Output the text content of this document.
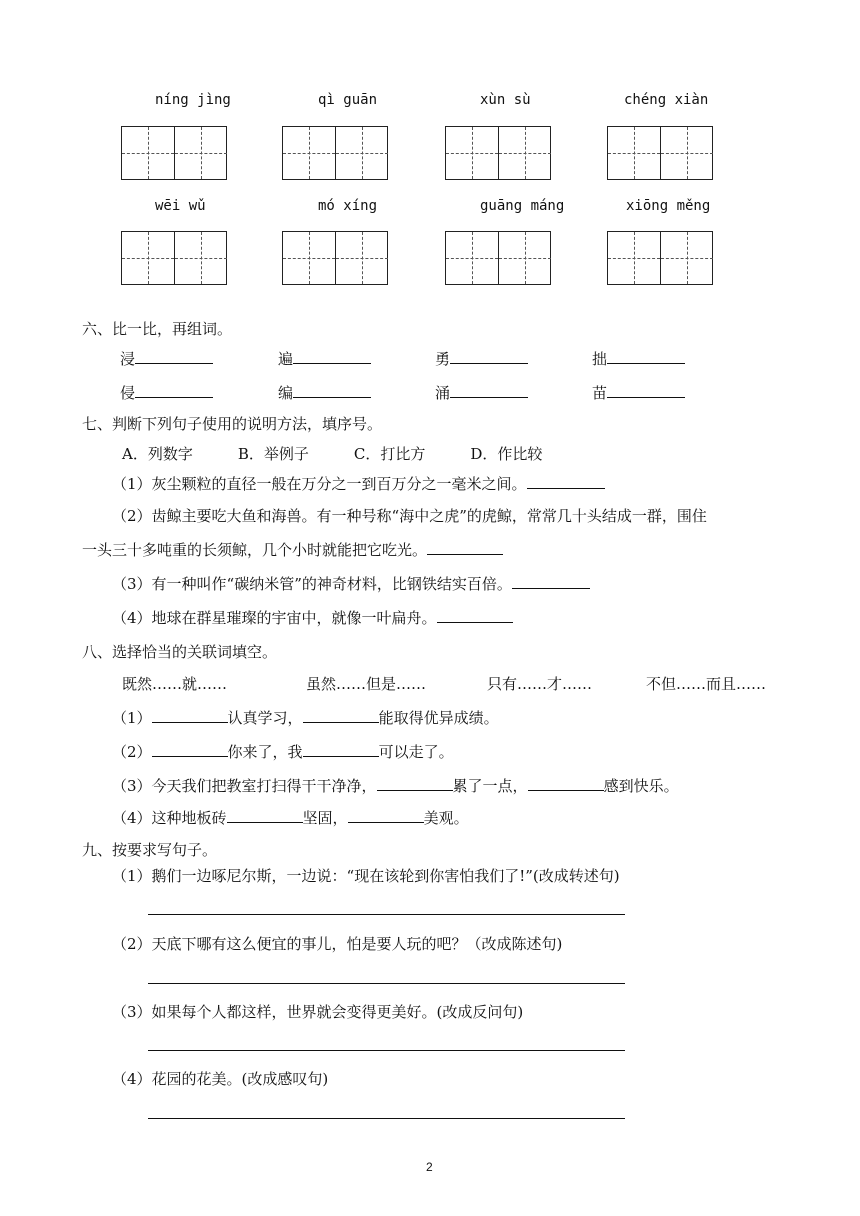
níng jìng	qì guān	xùn sù	chéng xiàn
wēi wǔ	mó xíng	guāng máng	xiōng měng
六、比一比，再组词。
浸	遍	勇	拙
侵	编	涌	苗
七、判断下列句子使用的说明方法，填序号。
A．列数字　　　B．举例子　　　C．打比方　　　D．作比较
（1）灰尘颗粒的直径一般在万分之一到百万分之一毫米之间。
（2）齿鲸主要吃大鱼和海兽。有一种号称“海中之虎”的虎鲸，常常几十头结成一群，围住
一头三十多吨重的长须鲸，几个小时就能把它吃光。
（3）有一种叫作“碳纳米管”的神奇材料，比钢铁结实百倍。
（4）地球在群星璀璨的宇宙中，就像一叶扁舟。
八、选择恰当的关联词填空。
既然……就……	虽然……但是……	只有……才……	不但……而且……
（1）	认真学习，	能取得优异成绩。
（2）	你来了，我	可以走了。
（3）今天我们把教室打扫得干干净净，	累了一点，	感到快乐。
（4）这种地板砖	坚固，	美观。
九、按要求写句子。
（1）鹅们一边啄尼尔斯，一边说：“现在该轮到你害怕我们了!”(改成转述句)
（2）天底下哪有这么便宜的事儿，怕是要人玩的吧？（改成陈述句)
（3）如果每个人都这样，世界就会变得更美好。(改成反问句)
（4）花园的花美。(改成感叹句)
2
